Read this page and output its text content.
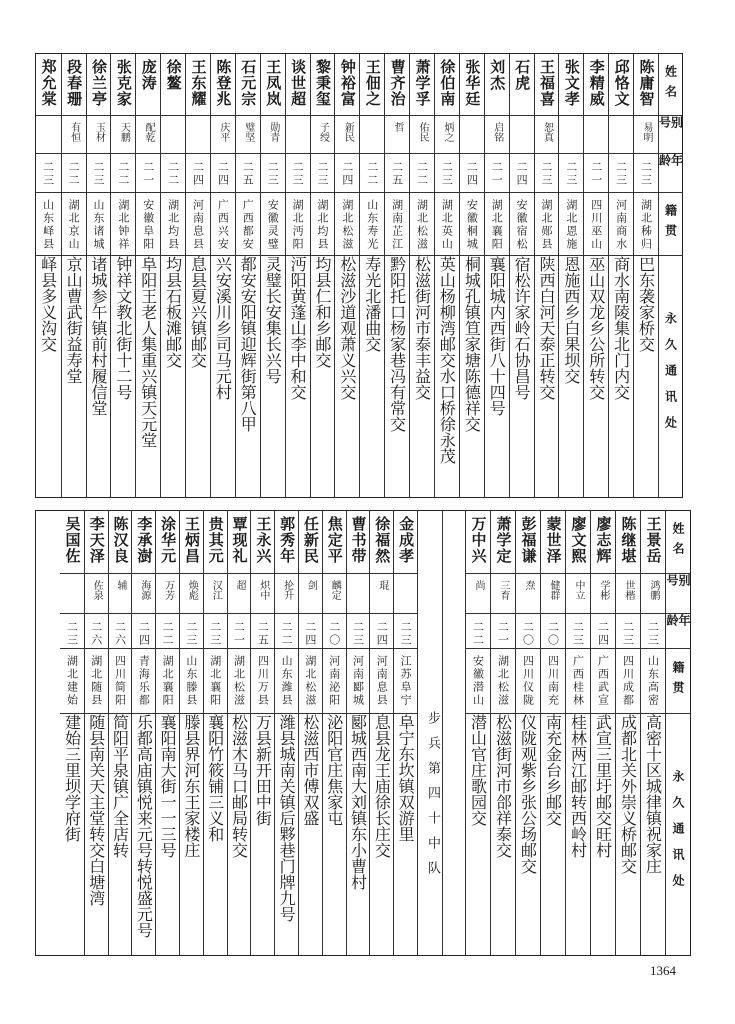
姓名
别号
年龄
籍贯
永久通讯处
陈庸智
易明
二三
湖北秭归
巴东袭家桥交
邱恪文
二三
河南商水
商水南陵集北门内交
李精威
二一
四川巫山
巫山双龙乡公所转交
张文孝
二三
湖北恩施
恩施西乡白果坝交
王福喜
恕真
二三
湖北郧县
陕西白河天泰正转交
石虎
二四
安徽宿松
宿松许家岭石协昌号
刘杰
启铭
二一
湖北襄阳
襄阳城内西街八十四号
张华廷
二四
安徽桐城
桐城孔镇笪家塘陈德祥交
徐伯南
炳之
二三
湖北英山
英山杨柳湾邮交水口桥徐永茂
萧学孚
佑民
二二
湖北松滋
松滋街河市泰丰益交
曹齐治
哲
二五
湖南芷江
黔阳托口杨家巷冯有常交
王佃之
二二
山东寿光
寿光北潘曲交
钟裕富
新民
二四
湖北松滋
松滋沙道观萧义兴交
黎秉玺
子绶
二三
湖北均县
均县仁和乡邮交
谈世超
二三
湖北沔阳
沔阳黄蓬山李中和交
王凤岚
勋青
二三
安徽灵璧
灵璧长安集长兴号
石元宗
璧坚
二五
广西都安
都安安阳镇迎辉街第八甲
陈登兆
庆平
二四
广西兴安
兴安溪川乡司马元村
王东耀
二四
河南息县
息县夏兴镇邮交
徐鳌
二二
湖北均县
均县石板滩邮交
庞涛
配乾
二一
安徽阜阳
阜阳王老人集重兴镇天元堂
张克家
天鹏
二二
湖北钟祥
钟祥文教北街十二号
徐兰亭
玉材
二三
山东诸城
诸城参午镇前村履信堂
段春珊
有恒
二二
湖北京山
京山曹武街益寿堂
郑允棠
二三
山东峄县
峄县多义沟交
姓名
别号
年龄
籍贯
永久通讯处
王景岳
鸿鹏
二三
山东高密
高密十区城律镇祝家庄
陈继堪
世楷
二三
四川成都
成都北关外崇义桥邮交
廖志辉
学彬
二四
广西武宣
武宣三里圩邮交旺村
廖文熙
中立
二三
广西桂林
桂林两江邮转西岭村
蒙世泽
健群
二〇
四川南充
南充金台乡邮交
彭福谦
焘
二〇
四川仪陇
仪陇观紫乡张公场邮交
萧学定
三育
二一
湖北松滋
松滋街河市郃祥泰交
万中兴
尚
二二
安徽潜山
潜山官庄歌园交
步兵第四十中队
金成孝
二三
江苏阜宁
阜宁东坎镇双游里
徐福然
琨
二四
河南息县
息县龙王庙徐长庄交
曹书带
二三
河南郾城
郾城西南大刘镇东小曹村
焦定平
麟定
二〇
河南泌阳
泌阳官庄焦家屯
任新民
剑
二四
湖北松滋
松滋西市傅双盛
郭秀年
抡升
二二
山东潍县
潍县城南关镇后夥巷门牌九号
王永兴
炽中
二五
四川万县
万县新开田中街
覃现礼
超
二一
湖北松滋
松滋木马口邮局转交
贵其元
汉江
二三
湖北襄阳
襄阳竹筱铺三义和
王炳昌
焕彪
二三
山东滕县
滕县界河东王家楼庄
涂华元
万芳
二二
湖北襄阳
襄阳南大街一一三号
李承澍
海源
二四
青海乐都
乐都高庙镇悦来元号转悦盛元号
陈汉良
辅
二六
四川简阳
简阳平泉镇广全店转
李天泽
佐泉
二六
湖北随县
随县南关天主堂转交白塘湾
吴国佐
二三
湖北建始
建始三里坝学府街
1364
